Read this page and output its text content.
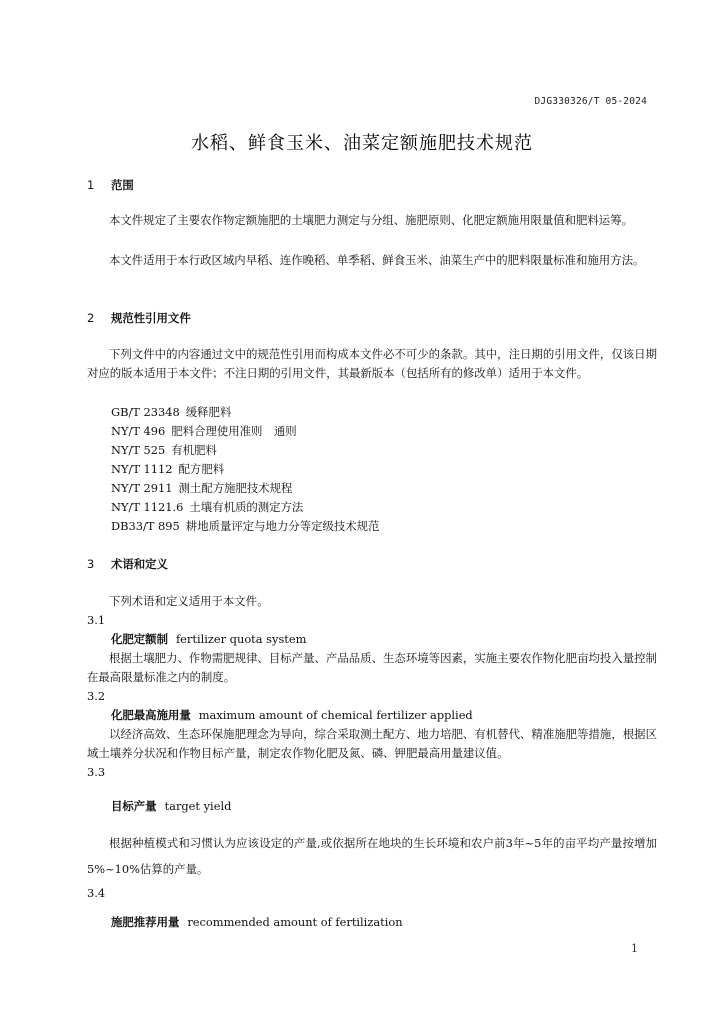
DJG330326/T 05-2024
水稻、鲜食玉米、油菜定额施肥技术规范
1 范围
本文件规定了主要农作物定额施肥的土壤肥力测定与分组、施肥原则、化肥定额施用限量值和肥料运筹。
本文件适用于本行政区域内早稻、连作晚稻、单季稻、鲜食玉米、油菜生产中的肥料限量标准和施用方法。
2 规范性引用文件
下列文件中的内容通过文中的规范性引用而构成本文件必不可少的条款。其中，注日期的引用文件，仅该日期对应的版本适用于本文件；不注日期的引用文件，其最新版本（包括所有的修改单）适用于本文件。
GB/T 23348 缓释肥料
NY/T 496 肥料合理使用准则　通则
NY/T 525 有机肥料
NY/T 1112 配方肥料
NY/T 2911 测土配方施肥技术规程
NY/T 1121.6 土壤有机质的测定方法
DB33/T 895 耕地质量评定与地力分等定级技术规范
3 术语和定义
下列术语和定义适用于本文件。
3.1
化肥定额制 fertilizer quota system
根据土壤肥力、作物需肥规律、目标产量、产品品质、生态环境等因素，实施主要农作物化肥亩均投入量控制在最高限量标准之内的制度。
3.2
化肥最高施用量 maximum amount of chemical fertilizer applied
以经济高效、生态环保施肥理念为导向，综合采取测土配方、地力培肥、有机替代、精准施肥等措施，根据区域土壤养分状况和作物目标产量，制定农作物化肥及氮、磷、钾肥最高用量建议值。
3.3
目标产量 target yield
根据种植模式和习惯认为应该设定的产量,或依据所在地块的生长环境和农户前3年~5年的亩平均产量按增加5%~10%估算的产量。
3.4
施肥推荐用量 recommended amount of fertilization
1
